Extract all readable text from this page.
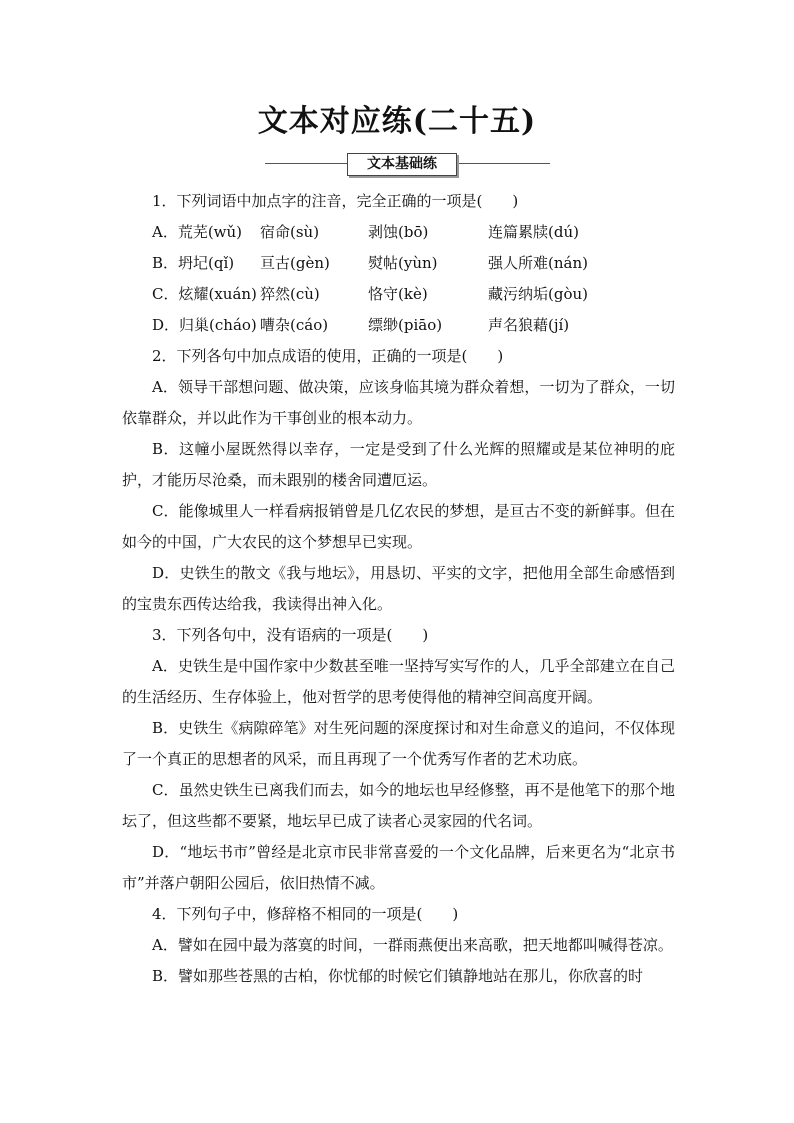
文本对应练(二十五)
文本基础练

1．下列词语中加点字的注音，完全正确的一项是(　　)

A．荒芜(wǔ)	宿命(sù)	剥蚀(bō)	连篇累牍(dú)
B．坍圮(qǐ)	亘古(gèn)	熨帖(yùn)	强人所难(nán)
C．炫耀(xuán) 猝然(cù)	恪守(kè)	藏污纳垢(gòu)
D．归巢(cháo) 嘈杂(cáo)	缥缈(piāo)	声名狼藉(jí)

2．下列各句中加点成语的使用，正确的一项是(　　)

A．领导干部想问题、做决策，应该身临其境为群众着想，一切为了群众，一切依靠群众，并以此作为干事创业的根本动力。

B．这幢小屋既然得以幸存，一定是受到了什么光辉的照耀或是某位神明的庇护，才能历尽沧桑，而未跟别的楼舍同遭厄运。

C．能像城里人一样看病报销曾是几亿农民的梦想，是亘古不变的新鲜事。但在如今的中国，广大农民的这个梦想早已实现。

D．史铁生的散文《我与地坛》，用恳切、平实的文字，把他用全部生命感悟到的宝贵东西传达给我，我读得出神入化。

3．下列各句中，没有语病的一项是(　　)

A．史铁生是中国作家中少数甚至唯一坚持写实写作的人，几乎全部建立在自己的生活经历、生存体验上，他对哲学的思考使得他的精神空间高度开阔。

B．史铁生《病隙碎笔》对生死问题的深度探讨和对生命意义的追问，不仅体现了一个真正的思想者的风采，而且再现了一个优秀写作者的艺术功底。

C．虽然史铁生已离我们而去，如今的地坛也早经修整，再不是他笔下的那个地坛了，但这些都不要紧，地坛早已成了读者心灵家园的代名词。

D．“地坛书市”曾经是北京市民非常喜爱的一个文化品牌，后来更名为“北京书市”并落户朝阳公园后，依旧热情不减。

4．下列句子中，修辞格不相同的一项是(　　)

A．譬如在园中最为落寞的时间，一群雨燕便出来高歌，把天地都叫喊得苍凉。

B．譬如那些苍黑的古柏，你忧郁的时候它们镇静地站在那儿，你欣喜的时
